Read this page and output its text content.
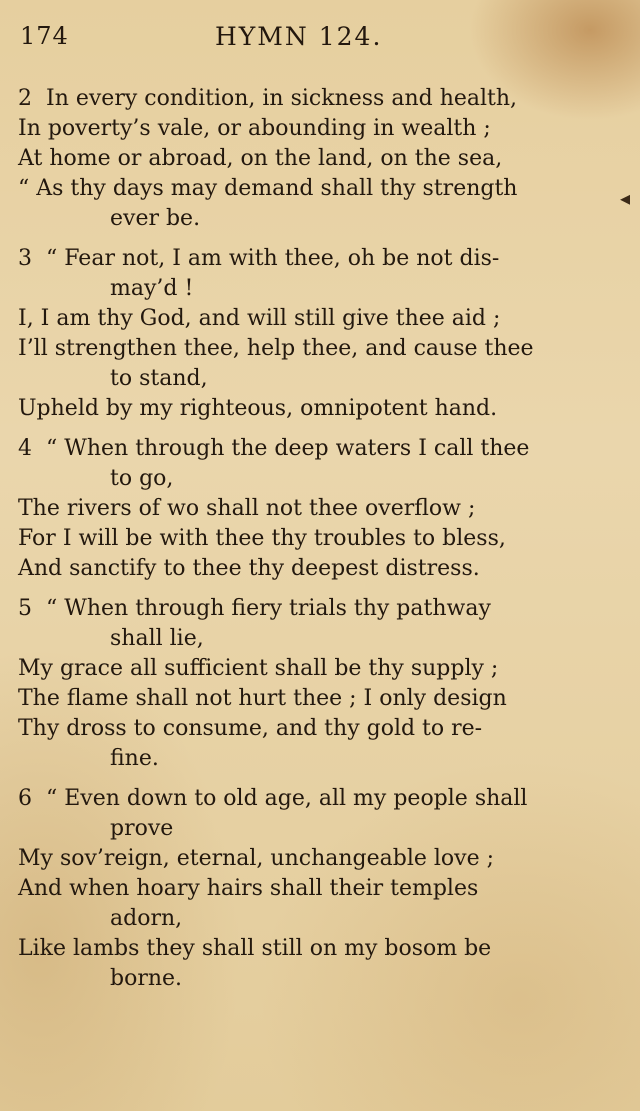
174	HYMN 124.
2 In every condition, in sickness and health,
In poverty’s vale, or abounding in wealth ;
At home or abroad, on the land, on the sea,
“ As thy days may demand shall thy strength
ever be.
3 “ Fear not, I am with thee, oh be not dis-
may’d !
I, I am thy God, and will still give thee aid ;
I’ll strengthen thee, help thee, and cause thee
to stand,
Upheld by my righteous, omnipotent hand.
4 “ When through the deep waters I call thee
to go,
The rivers of wo shall not thee overflow ;
For I will be with thee thy troubles to bless,
And sanctify to thee thy deepest distress.
5 “ When through fiery trials thy pathway
shall lie,
My grace all sufficient shall be thy supply ;
The flame shall not hurt thee ; I only design
Thy dross to consume, and thy gold to re-
fine.
6 “ Even down to old age, all my people shall
prove
My sov’reign, eternal, unchangeable love ;
And when hoary hairs shall their temples
adorn,
Like lambs they shall still on my bosom be
borne.
◂
